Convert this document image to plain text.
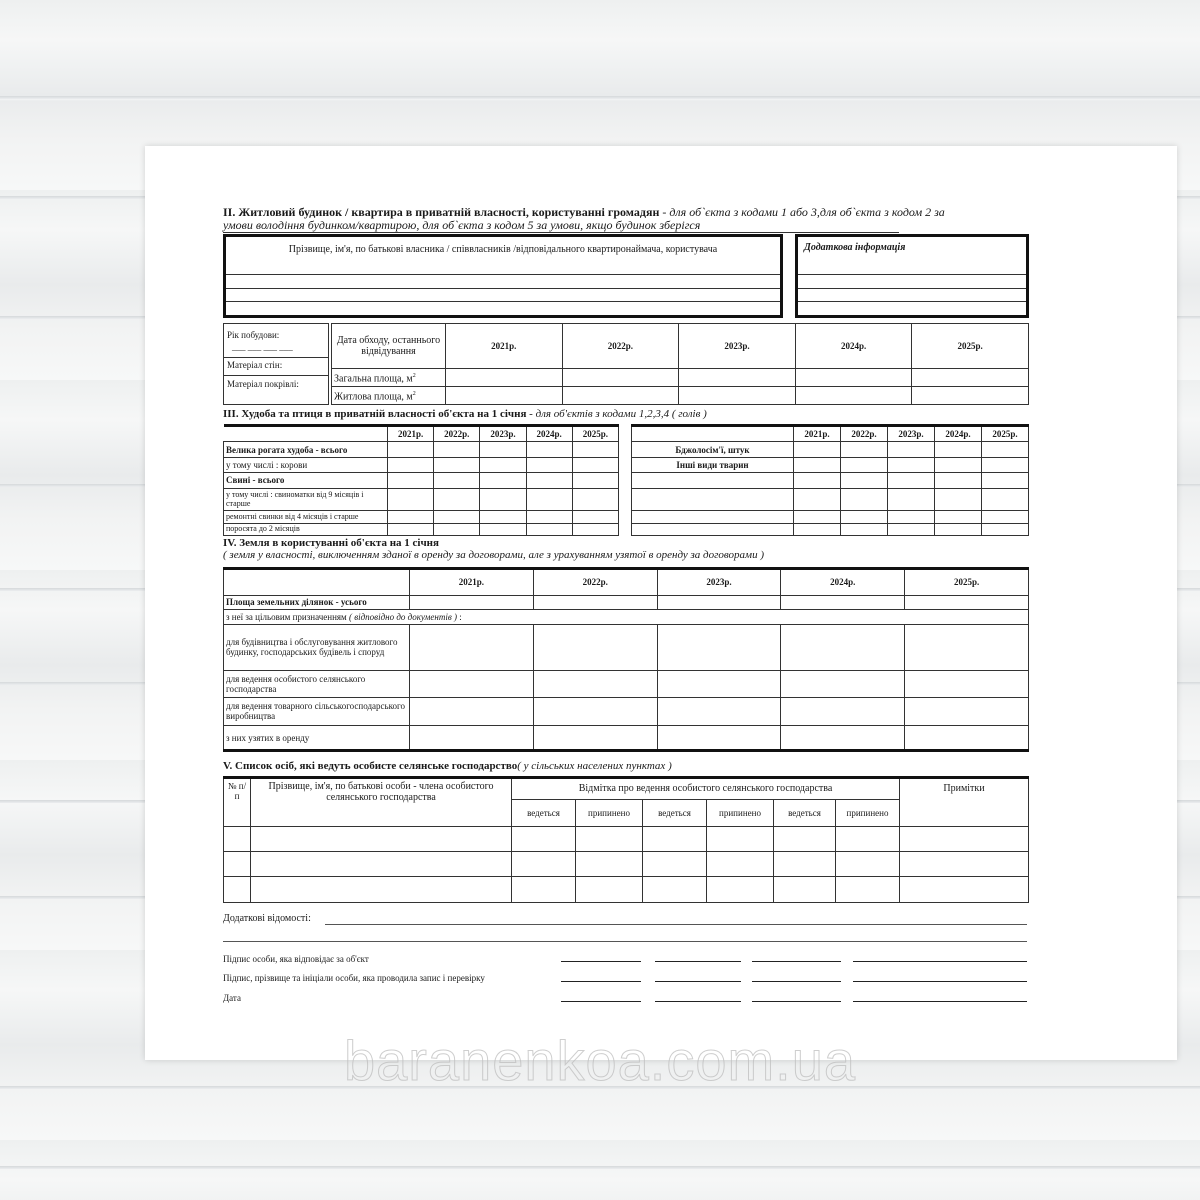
II. Житловий будинок / квартира в приватній власності, користуванні громадян - для об`єкта з кодами 1 або 3,для об`єкта з кодом 2 за
умови володіння будинком/квартирою, для об`єкта з кодом 5 за умови, якщо будинок зберігся
Прізвище, ім'я, по батькові власника / співвласників /відповідального квартиронаймача, користувача	Додаткова інформація
Рік побудови:
___ ___ ___ ___
Матеріал стін:
Матеріал покрівлі:
Дата обходу, останнього відвідування	2021р.	2022р.	2023р.	2024р.	2025р.
Загальна площа, $м^2$					
Житлова площа, $м^2$					
III. Худоба та птиця в приватній власності об'єкта на 1 січня - для об'єктів з кодами 1,2,3,4 ( голів )
	2021р.	2022р.	2023р.	2024р.	2025р.
Велика рогата худоба - всього					
у тому числі : корови					
Свині - всього					
у тому числі : свиноматки від 9 місяців і старше					
ремонтні свинки від 4 місяців і старше					
поросята до 2 місяців					
	2021р.	2022р.	2023р.	2024р.	2025р.
Бджолосім'ї, штук					
Інші види тварин					

IV. Земля в користуванні об'єкта на 1 січня
( земля у власності, виключенням зданої в оренду за договорами, але з урахуванням узятої в оренду за договорами )
	2021р.	2022р.	2023р.	2024р.	2025р.
Площа земельних ділянок - усього					
з неї за цільовим призначенням ( відповідно до документів ) :					
для будівництва і обслуговування житлового будинку, господарських будівель і споруд					
для ведення особистого селянського господарства					
для ведення товарного сільськогосподарського виробництва					
з них узятих в оренду					
V. Список осіб, які ведуть особисте селянське господарство( у сільських населених пунктах )
№ п/п	Прізвище, ім'я, по батькові особи - члена особистого селянського господарства	Відмітка про ведення особистого селянського господарства						Примітки
		ведеться	припинено	ведеться	припинено	ведеться	припинено	

Додаткові відомості:
Підпис особи, яка відповідає за об'єкт
Підпис, прізвище та ініціали особи, яка проводила запис і перевірку
Дата
baranenkoa.com.ua
